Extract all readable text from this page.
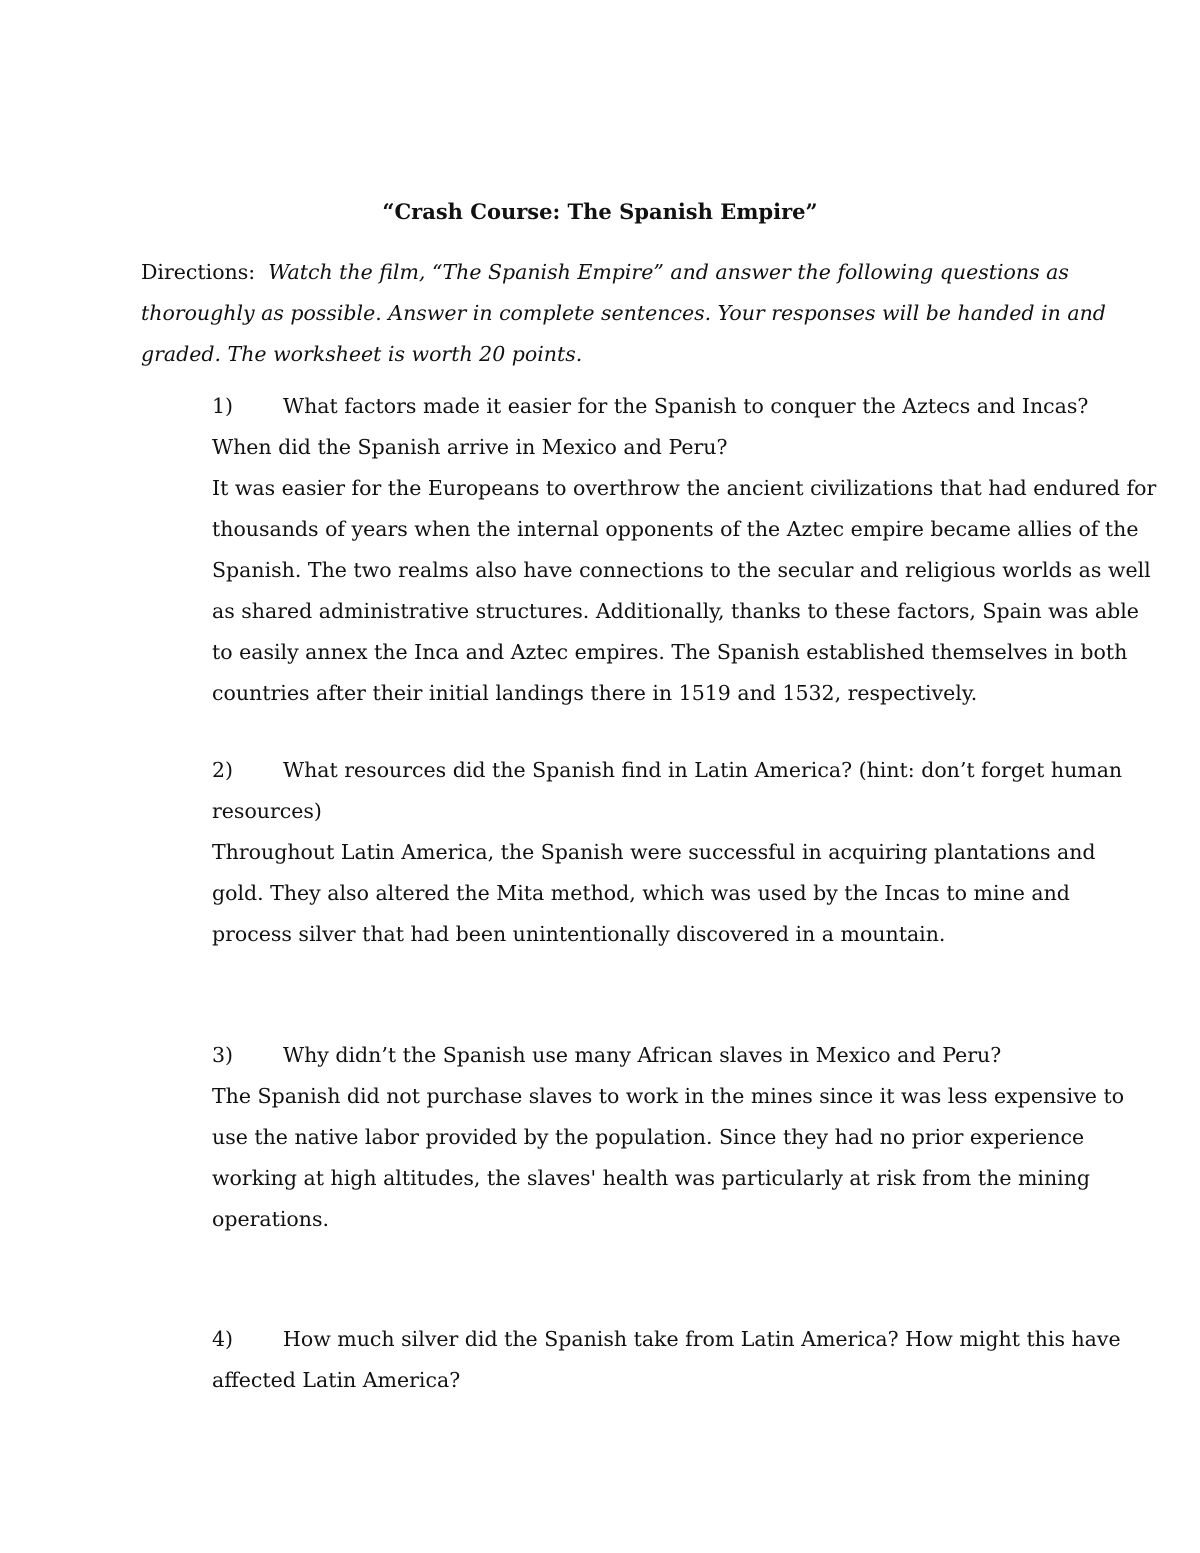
“Crash Course: The Spanish Empire”
Directions: Watch the film, “The Spanish Empire” and answer the following questions as
thoroughly as possible. Answer in complete sentences. Your responses will be handed in and
graded. The worksheet is worth 20 points.
1) What factors made it easier for the Spanish to conquer the Aztecs and Incas?
When did the Spanish arrive in Mexico and Peru?
It was easier for the Europeans to overthrow the ancient civilizations that had endured for
thousands of years when the internal opponents of the Aztec empire became allies of the
Spanish. The two realms also have connections to the secular and religious worlds as well
as shared administrative structures. Additionally, thanks to these factors, Spain was able
to easily annex the Inca and Aztec empires. The Spanish established themselves in both
countries after their initial landings there in 1519 and 1532, respectively.
2) What resources did the Spanish find in Latin America? (hint: don’t forget human
resources)
Throughout Latin America, the Spanish were successful in acquiring plantations and
gold. They also altered the Mita method, which was used by the Incas to mine and
process silver that had been unintentionally discovered in a mountain.
3) Why didn’t the Spanish use many African slaves in Mexico and Peru?
The Spanish did not purchase slaves to work in the mines since it was less expensive to
use the native labor provided by the population. Since they had no prior experience
working at high altitudes, the slaves' health was particularly at risk from the mining
operations.
4) How much silver did the Spanish take from Latin America? How might this have
affected Latin America?
